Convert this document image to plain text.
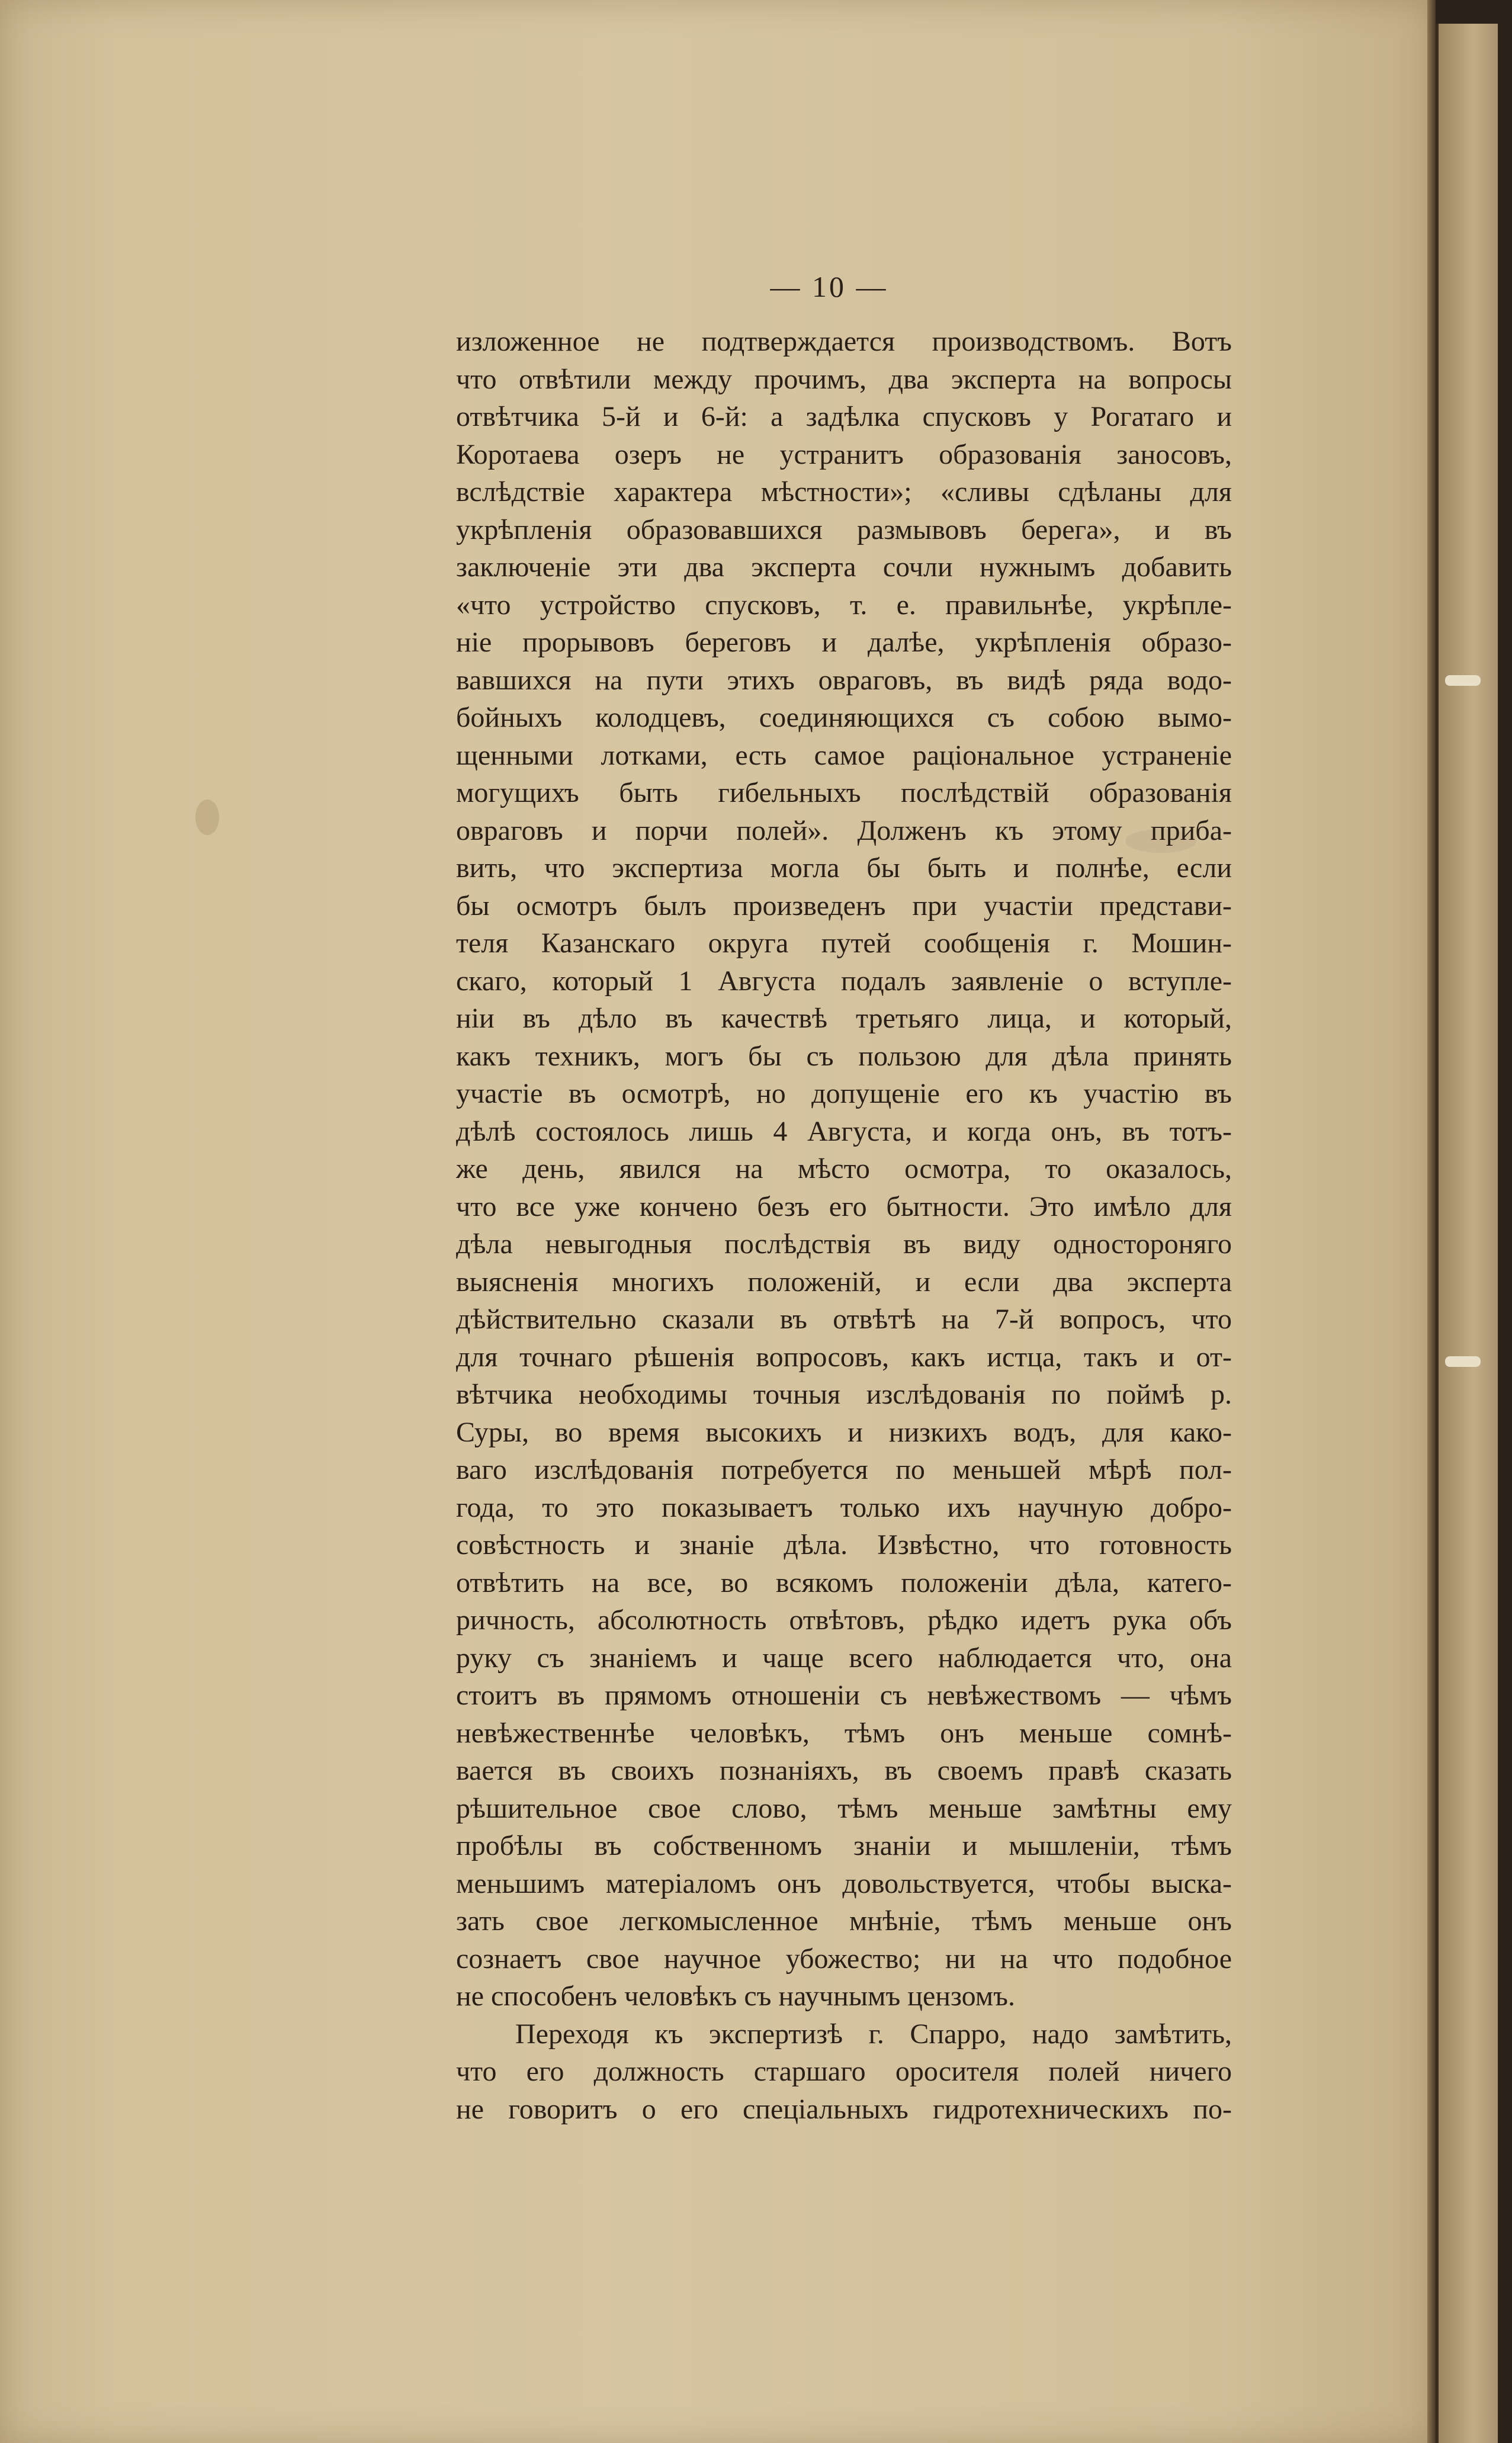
— 10 —
изложенное не подтверждается производствомъ. Вотъ
что отвѣтили между прочимъ, два эксперта на вопросы
отвѣтчика 5-й и 6-й: а задѣлка спусковъ у Рогатаго и
Коротаева озеръ не устранитъ образованія заносовъ,
вслѣдствіе характера мѣстности»; «сливы сдѣланы для
укрѣпленія образовавшихся размывовъ берега», и въ
заключеніе эти два эксперта сочли нужнымъ добавить
«что устройство спусковъ, т. е. правильнѣе, укрѣпле-
ніе прорывовъ береговъ и далѣе, укрѣпленія образо-
вавшихся на пути этихъ овраговъ, въ видѣ ряда водо-
бойныхъ колодцевъ, соединяющихся съ собою вымо-
щенными лотками, есть самое раціональное устраненіе
могущихъ быть гибельныхъ послѣдствій образованія
овраговъ и порчи полей». Долженъ къ этому приба-
вить, что экспертиза могла бы быть и полнѣе, если
бы осмотръ былъ произведенъ при участіи представи-
теля Казанскаго округа путей сообщенія г. Мошин-
скаго, который 1 Августа подалъ заявленіе о вступле-
ніи въ дѣло въ качествѣ третьяго лица, и который,
какъ техникъ, могъ бы съ пользою для дѣла принять
участіе въ осмотрѣ, но допущеніе его къ участію въ
дѣлѣ состоялось лишь 4 Августа, и когда онъ, въ тотъ-
же день, явился на мѣсто осмотра, то оказалось,
что все уже кончено безъ его бытности. Это имѣло для
дѣла невыгодныя послѣдствія въ виду одностороняго
выясненія многихъ положеній, и если два эксперта
дѣйствительно сказали въ отвѣтѣ на 7-й вопросъ, что
для точнаго рѣшенія вопросовъ, какъ истца, такъ и от-
вѣтчика необходимы точныя изслѣдованія по поймѣ р.
Суры, во время высокихъ и низкихъ водъ, для како-
ваго изслѣдованія потребуется по меньшей мѣрѣ пол-
года, то это показываетъ только ихъ научную добро-
совѣстность и знаніе дѣла. Извѣстно, что готовность
отвѣтить на все, во всякомъ положеніи дѣла, катего-
ричность, абсолютность отвѣтовъ, рѣдко идетъ рука объ
руку съ знаніемъ и чаще всего наблюдается что, она
стоитъ въ прямомъ отношеніи съ невѣжествомъ — чѣмъ
невѣжественнѣе человѣкъ, тѣмъ онъ меньше сомнѣ-
вается въ своихъ познаніяхъ, въ своемъ правѣ сказать
рѣшительное свое слово, тѣмъ меньше замѣтны ему
пробѣлы въ собственномъ знаніи и мышленіи, тѣмъ
меньшимъ матеріаломъ онъ довольствуется, чтобы выска-
зать свое легкомысленное мнѣніе, тѣмъ меньше онъ
сознаетъ свое научное убожество; ни на что подобное
не способенъ человѣкъ съ научнымъ цензомъ.
Переходя къ экспертизѣ г. Спарро, надо замѣтить,
что его должность старшаго оросителя полей ничего
не говоритъ о его спеціальныхъ гидротехническихъ по-
